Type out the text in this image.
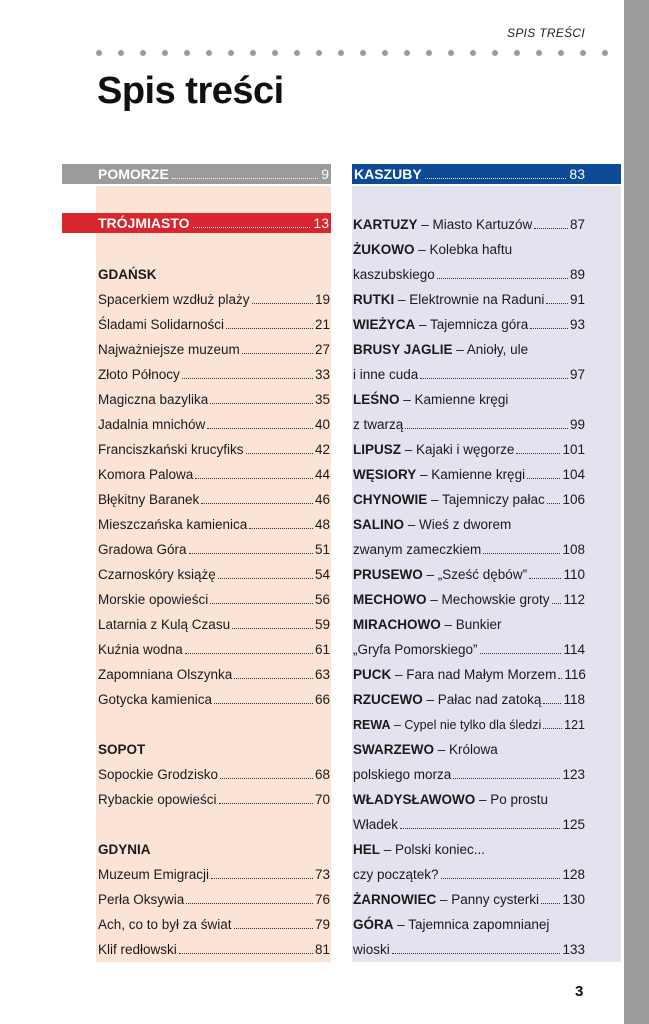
SPIS TREŚCI
Spis treści
POMORZE	9
TRÓJMIASTO	13
KASZUBY	83
GDAŃSK
Spacerkiem wzdłuż plaży	19
Śladami Solidarności	21
Najważniejsze muzeum	27
Złoto Północy	33
Magiczna bazylika	35
Jadalnia mnichów	40
Franciszkański krucyfiks	42
Komora Palowa	44
Błękitny Baranek	46
Mieszczańska kamienica	48
Gradowa Góra	51
Czarnoskóry książę	54
Morskie opowieści	56
Latarnia z Kulą Czasu	59
Kuźnia wodna	61
Zapomniana Olszynka	63
Gotycka kamienica	66
SOPOT
Sopockie Grodzisko	68
Rybackie opowieści	70
GDYNIA
Muzeum Emigracji	73
Perła Oksywia	76
Ach, co to był za świat	79
Klif redłowski	81
KARTUZY – Miasto Kartuzów	87
ŻUKOWO – Kolebka haftu
kaszubskiego	89
RUTKI – Elektrownie na Raduni 91
WIEŻYCA – Tajemnicza góra	93
BRUSY JAGLIE – Anioły, ule
i inne cuda	97
LEŚNO – Kamienne kręgi
z twarzą	99
LIPUSZ – Kajaki i węgorze	101
WĘSIORY – Kamienne kręgi	104
CHYNOWIE – Tajemniczy pałac 106
SALINO – Wieś z dworem
zwanym zameczkiem	108
PRUSEWO – „Sześć dębów”	110
MECHOWO – Mechowskie groty 112
MIRACHOWO – Bunkier
„Gryfa Pomorskiego”	114
PUCK – Fara nad Małym Morzem 116
RZUCEWO – Pałac nad zatoką 118
REWA – Cypel nie tylko dla śledzi 121
SWARZEWO – Królowa
polskiego morza	123
WŁADYSŁAWOWO – Po prostu
Władek	125
HEL – Polski koniec...
czy początek?	128
ŻARNOWIEC – Panny cysterki 130
GÓRA – Tajemnica zapomnianej
wioski	133
3
